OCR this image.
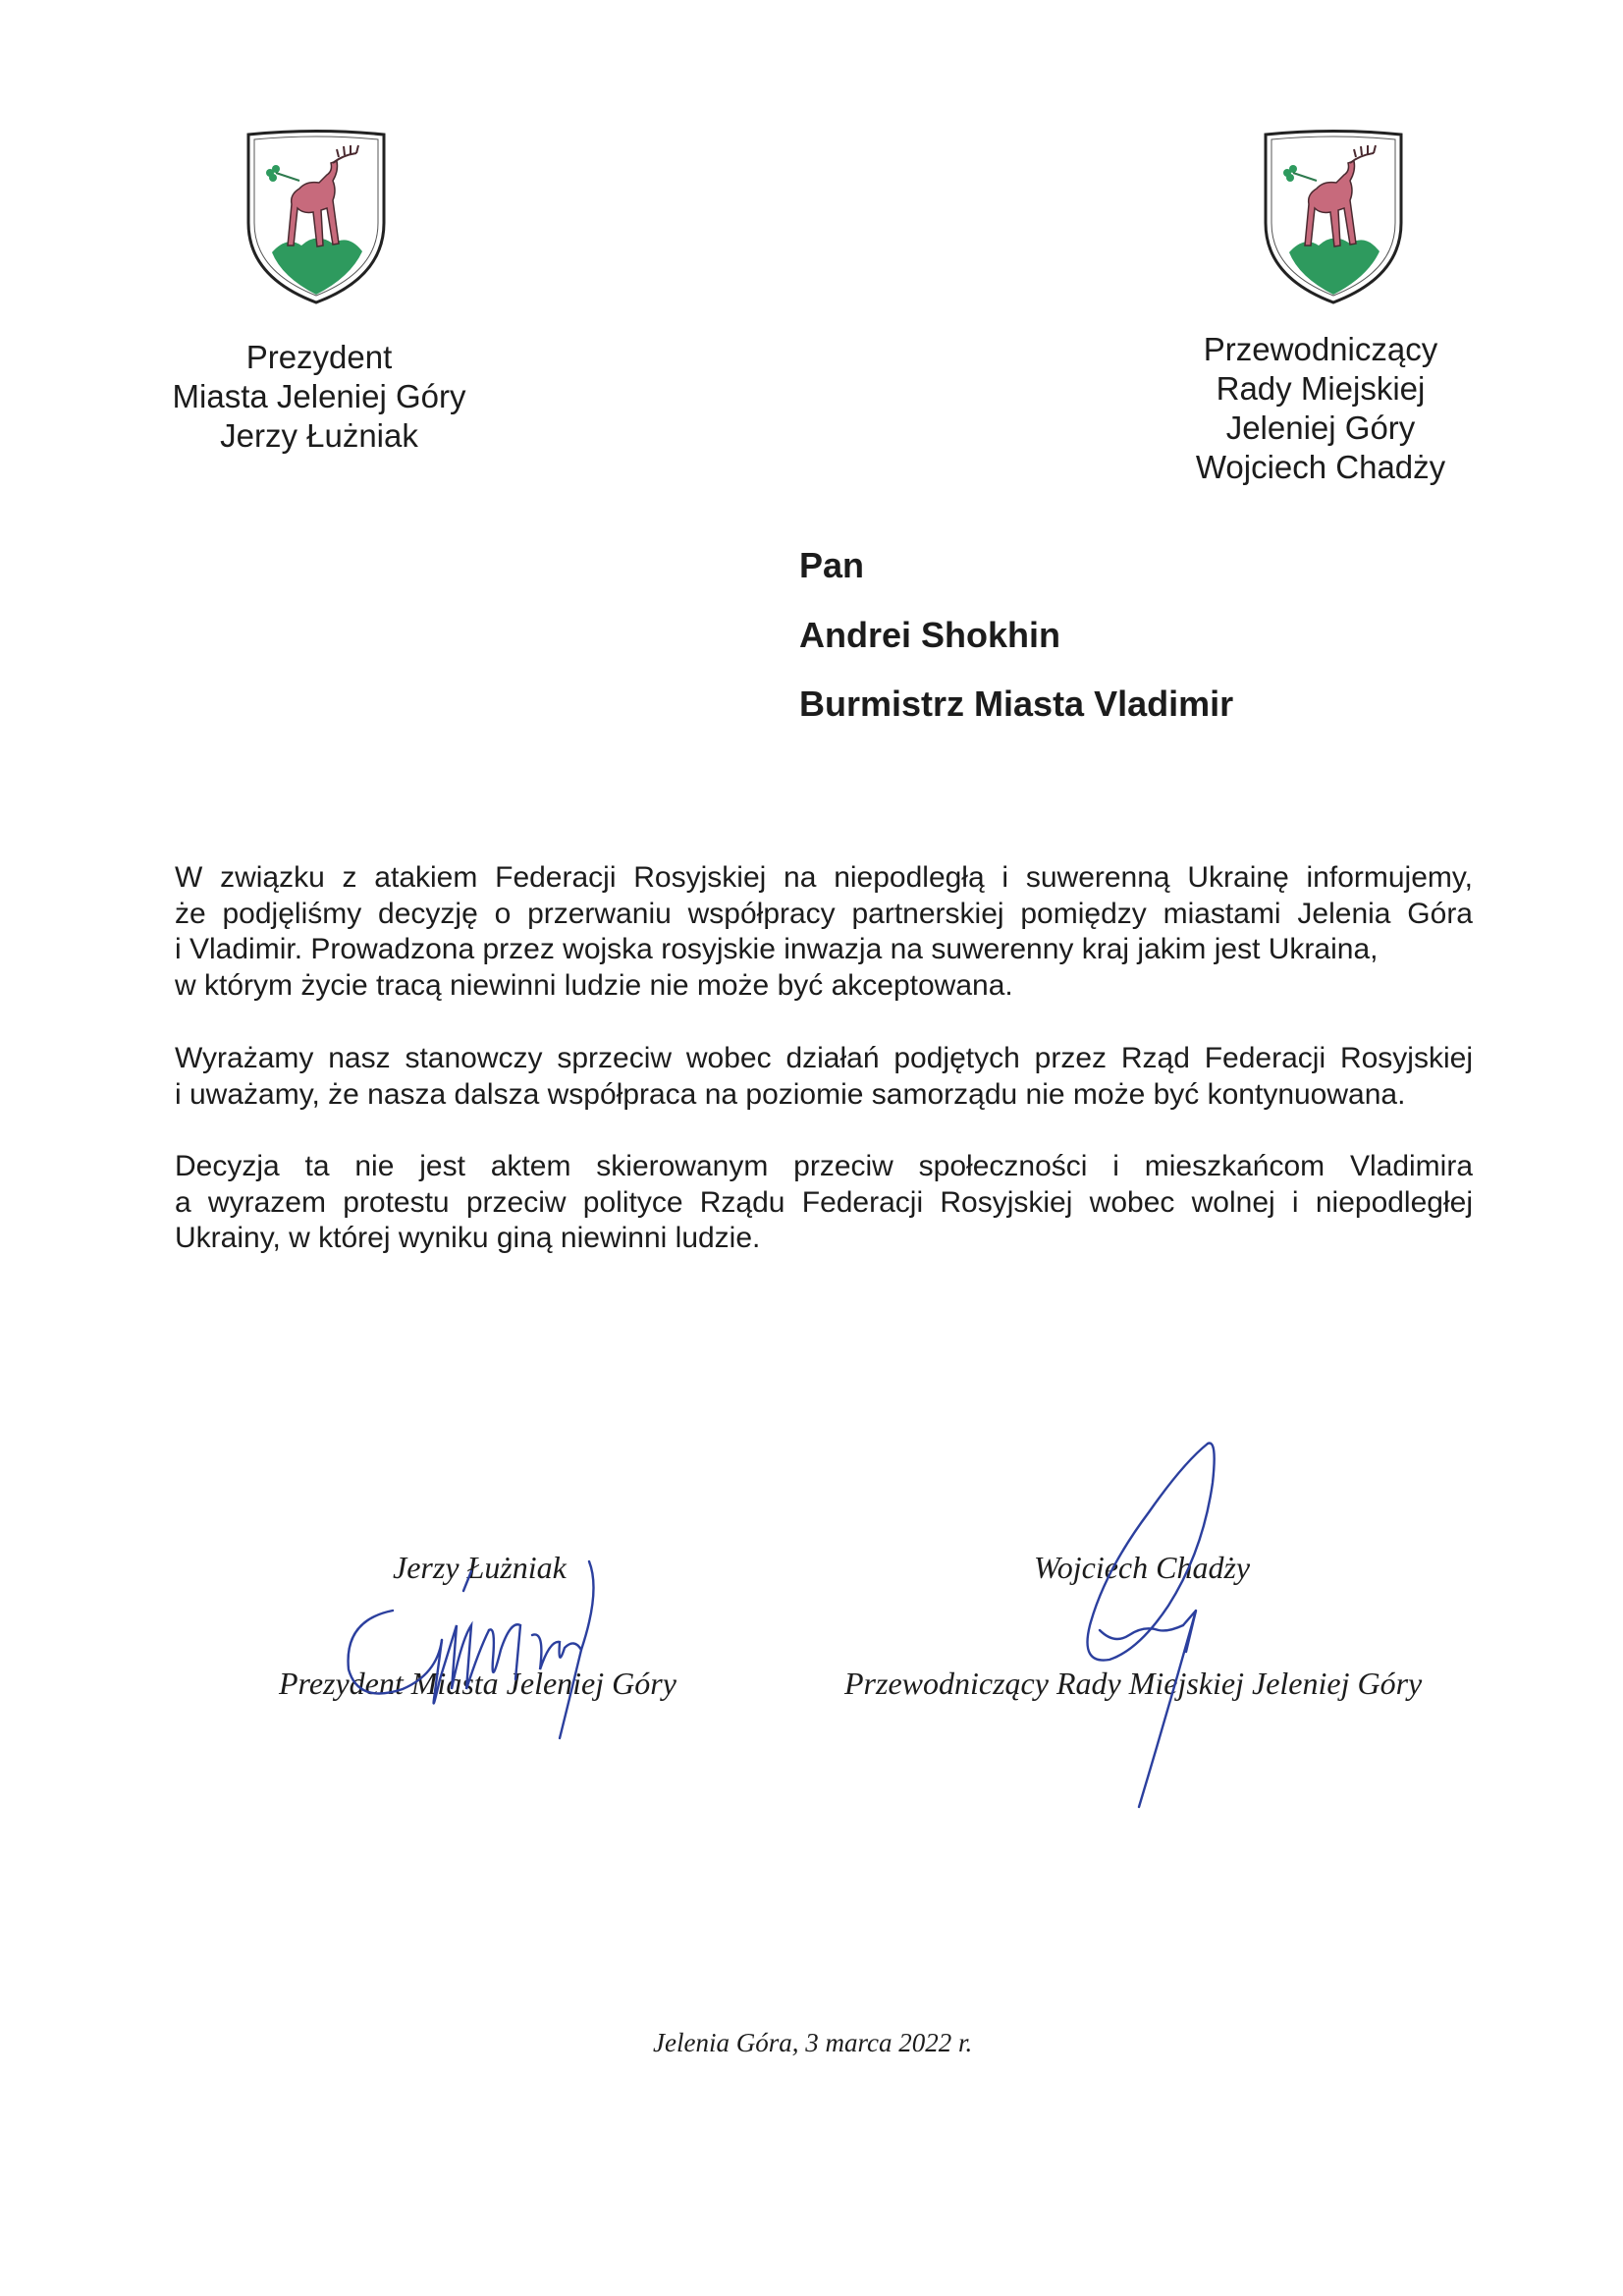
Prezydent
Miasta Jeleniej Góry
Jerzy Łużniak
Przewodniczący
Rady Miejskiej
Jeleniej Góry
Wojciech Chadży
Pan
Andrei Shokhin
Burmistrz Miasta Vladimir

W związku z atakiem Federacji Rosyjskiej na niepodległą i suwerenną Ukrainę informujemy,
że podjęliśmy decyzję o przerwaniu współpracy partnerskiej pomiędzy miastami Jelenia Góra
i Vladimir. Prowadzona przez wojska rosyjskie inwazja na suwerenny kraj jakim jest Ukraina,
w którym życie tracą niewinni ludzie nie może być akceptowana.

Wyrażamy nasz stanowczy sprzeciw wobec działań podjętych przez Rząd Federacji Rosyjskiej
i uważamy, że nasza dalsza współpraca na poziomie samorządu nie może być kontynuowana.

Decyzja ta nie jest aktem skierowanym przeciw społeczności i mieszkańcom Vladimira
a wyrazem protestu przeciw polityce Rządu Federacji Rosyjskiej wobec wolnej i niepodległej
Ukrainy, w której wyniku giną niewinni ludzie.

Jerzy Łużniak
Prezydent Miasta Jeleniej Góry
Wojciech Chadży
Przewodniczący Rady Miejskiej Jeleniej Góry
Jelenia Góra, 3 marca 2022 r.
